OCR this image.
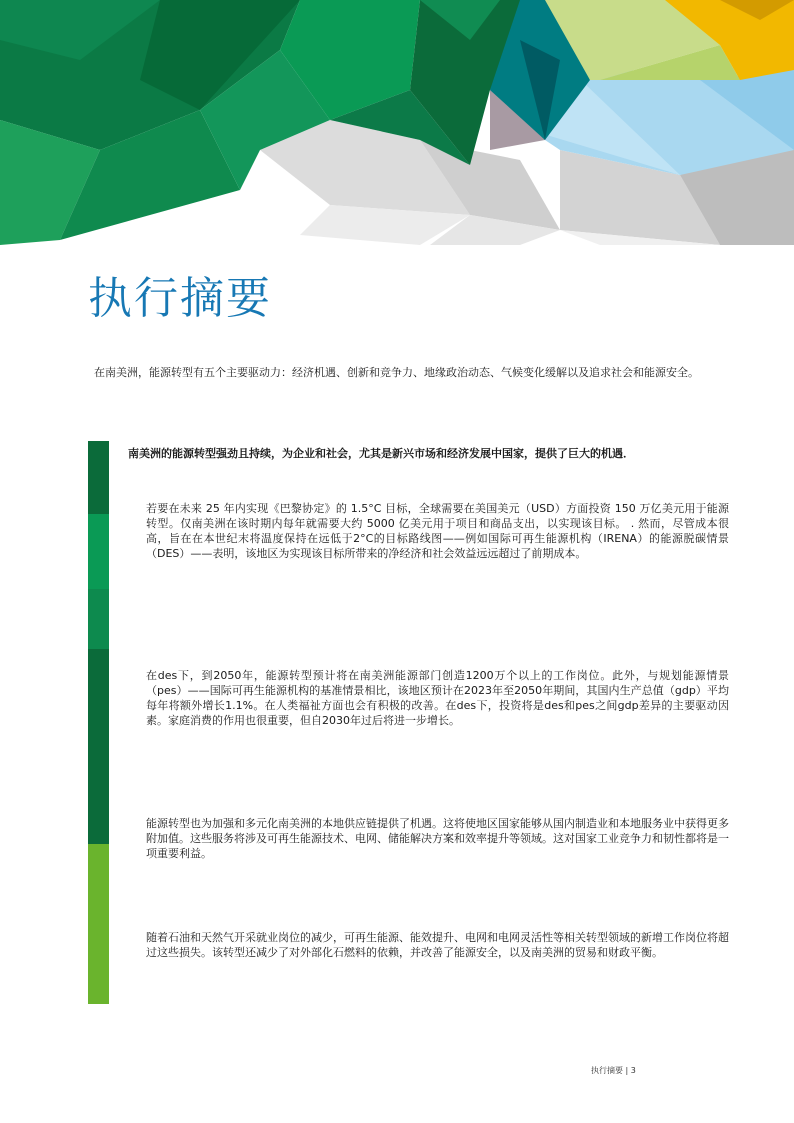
执行摘要
在南美洲，能源转型有五个主要驱动力：经济机遇、创新和竞争力、地缘政治动态、气候变化缓解以及追求社会和能源安全。
南美洲的能源转型强劲且持续，为企业和社会，尤其是新兴市场和经济发展中国家，提供了巨大的机遇．
若要在未来 25 年内实现《巴黎协定》的 1.5°C 目标，全球需要在美国美元（USD）方面投资 150 万亿美元用于能源转型。仅南美洲在该时期内每年就需要大约 5000 亿美元用于项目和商品支出，以实现该目标。 . 然而，尽管成本很高，旨在在本世纪末将温度保持在远低于2°C的目标路线图——例如国际可再生能源机构（IRENA）的能源脱碳情景（DES）——表明，该地区为实现该目标所带来的净经济和社会效益远远超过了前期成本。
在des下，到2050年，能源转型预计将在南美洲能源部门创造1200万个以上的工作岗位。此外，与规划能源情景（pes）——国际可再生能源机构的基准情景相比，该地区预计在2023年至2050年期间，其国内生产总值（gdp）平均每年将额外增长1.1%。在人类福祉方面也会有积极的改善。在des下，投资将是des和pes之间gdp差异的主要驱动因素。家庭消费的作用也很重要，但自2030年过后将进一步增长。
能源转型也为加强和多元化南美洲的本地供应链提供了机遇。这将使地区国家能够从国内制造业和本地服务业中获得更多附加值。这些服务将涉及可再生能源技术、电网、储能解决方案和效率提升等领域。这对国家工业竞争力和韧性都将是一项重要利益。
随着石油和天然气开采就业岗位的减少，可再生能源、能效提升、电网和电网灵活性等相关转型领域的新增工作岗位将超过这些损失。该转型还减少了对外部化石燃料的依赖，并改善了能源安全，以及南美洲的贸易和财政平衡。
执行摘要 | 3
